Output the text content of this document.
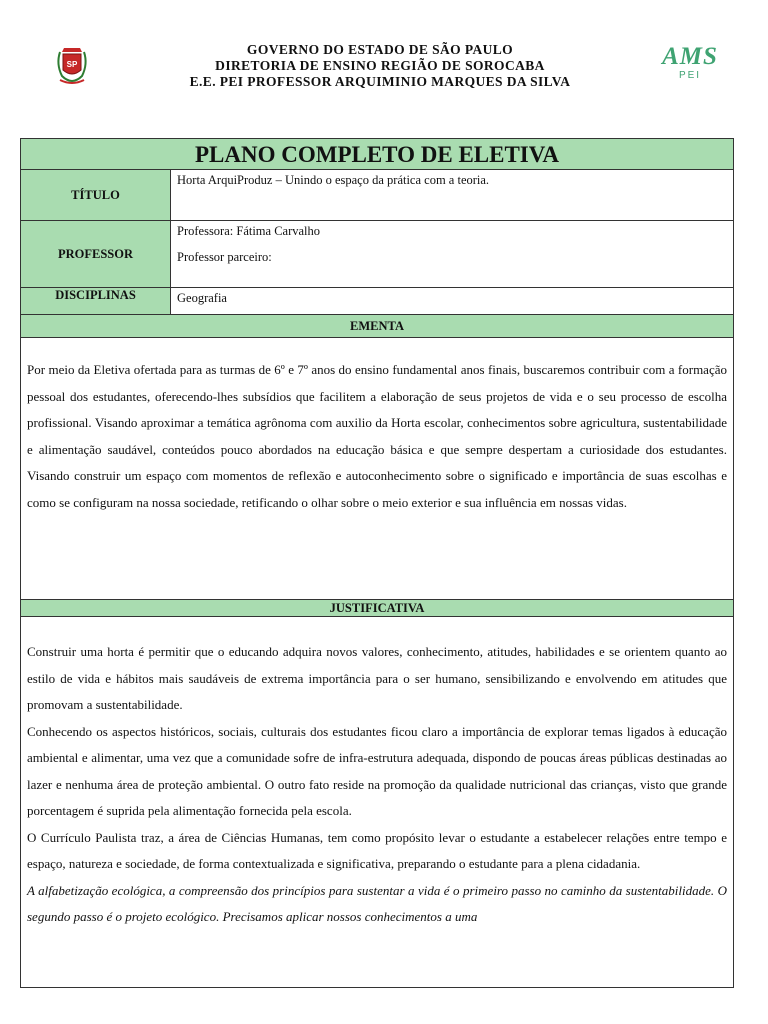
SP
GOVERNO DO ESTADO DE SÃO PAULO
DIRETORIA DE ENSINO REGIÃO DE SOROCABA
E.E. PEI PROFESSOR ARQUIMINIO MARQUES DA SILVA
AMS
PEI
PLANO COMPLETO DE ELETIVA
TÍTULO
Horta ArquiProduz – Unindo o espaço da prática com a teoria.
PROFESSOR

Professora: Fátima Carvalho

Professor parceiro:

DISCIPLINAS	Geografia
EMENTA

Por meio da Eletiva ofertada para as turmas de 6º e 7º anos do ensino fundamental anos finais, buscaremos contribuir com a formação pessoal dos estudantes, oferecendo-lhes subsídios que facilitem a elaboração de seus projetos de vida e o seu processo de escolha profissional. Visando aproximar a temática agrônoma com auxilio da Horta escolar, conhecimentos sobre agricultura, sustentabilidade e alimentação saudável, conteúdos pouco abordados na educação básica e que sempre despertam a curiosidade dos estudantes. Visando construir um espaço com momentos de reflexão e autoconhecimento sobre o significado e importância de suas escolhas e como se configuram na nossa sociedade, retificando o olhar sobre o meio exterior e sua influência em nossas vidas.

JUSTIFICATIVA

Construir uma horta é permitir que o educando adquira novos valores, conhecimento, atitudes, habilidades e se orientem quanto ao estilo de vida e hábitos mais saudáveis de extrema importância para o ser humano, sensibilizando e envolvendo em atitudes que promovam a sustentabilidade.

Conhecendo os aspectos históricos, sociais, culturais dos estudantes ficou claro a importância de explorar temas ligados à educação ambiental e alimentar, uma vez que a comunidade sofre de infra-estrutura adequada, dispondo de poucas áreas públicas destinadas ao lazer e nenhuma área de proteção ambiental. O outro fato reside na promoção da qualidade nutricional das crianças, visto que grande porcentagem é suprida pela alimentação fornecida pela escola.

O Currículo Paulista traz, a área de Ciências Humanas, tem como propósito levar o estudante a estabelecer relações entre tempo e espaço, natureza e sociedade, de forma contextualizada e significativa, preparando o estudante para a plena cidadania.

A alfabetização ecológica, a compreensão dos princípios para sustentar a vida é o primeiro passo no caminho da sustentabilidade. O segundo passo é o projeto ecológico. Precisamos aplicar nossos conhecimentos a uma
